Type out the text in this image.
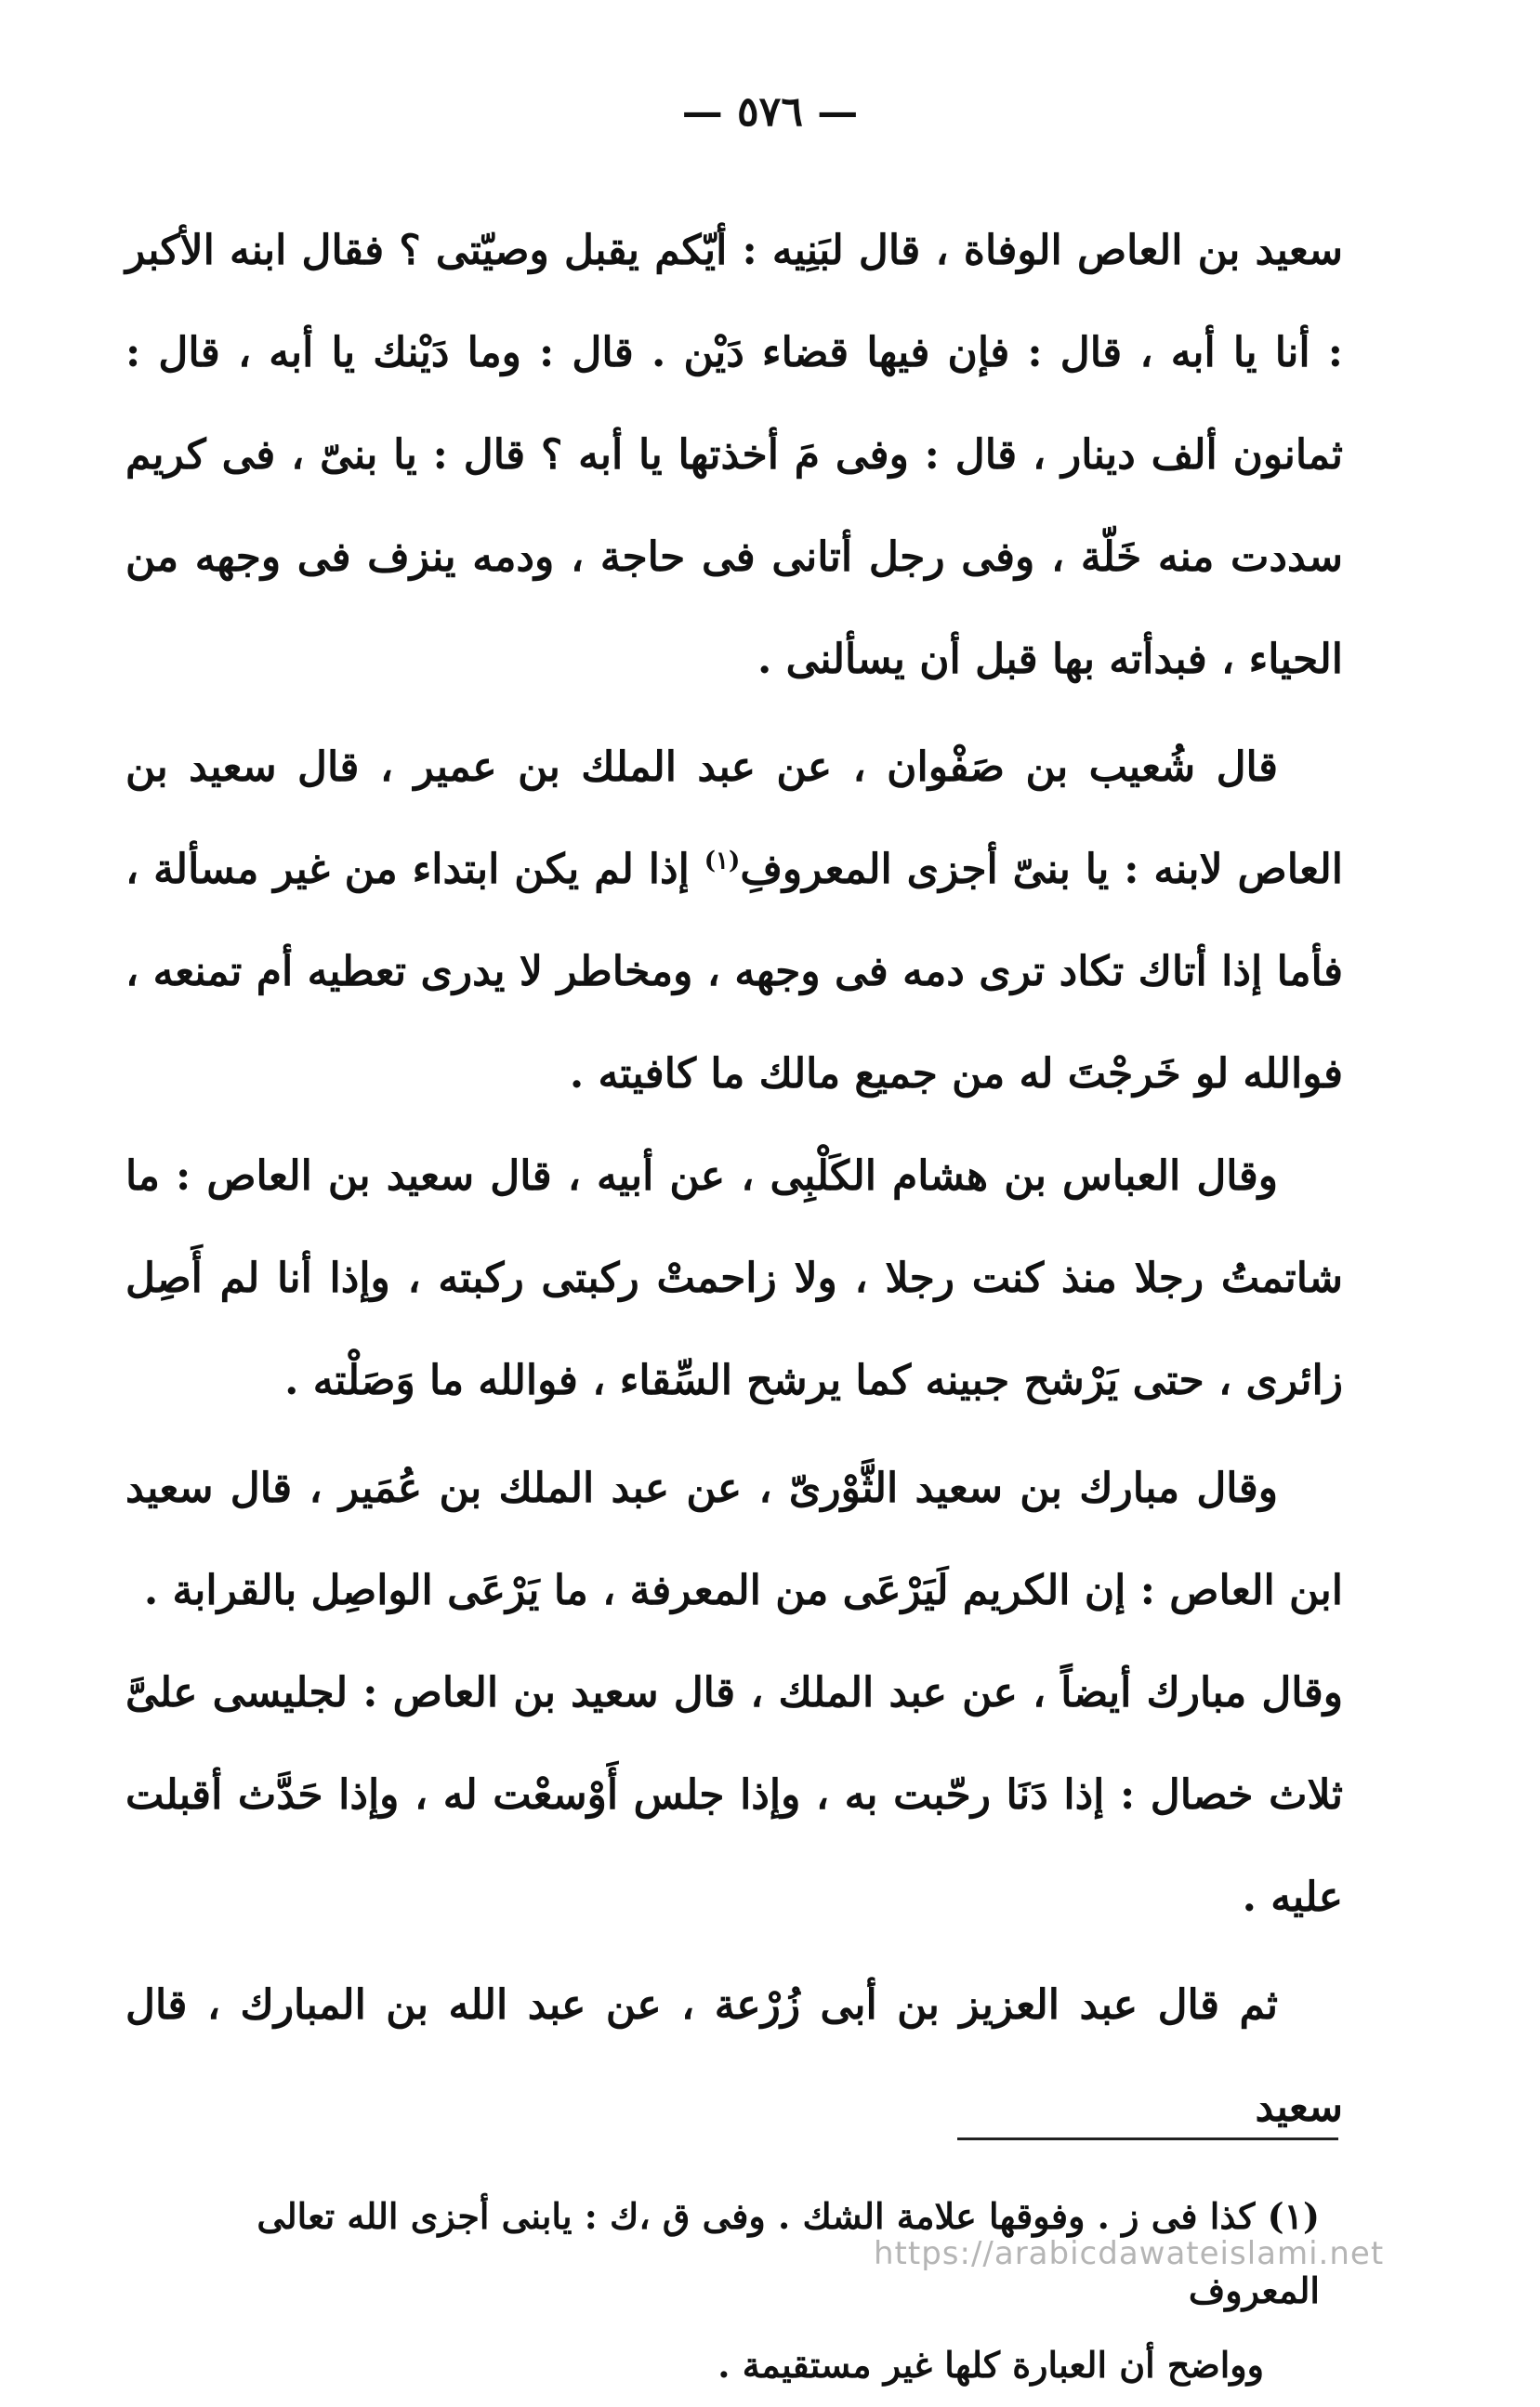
— ٥٧٦ —

سعيد بن العاص الوفاة ، قال لبَنِيه : أيّكم يقبل وصيّتى ؟ فقال ابنه الأكبر : أنا يا أبه ، قال : فإن فيها قضاء دَيْن . قال : وما دَيْنك يا أبه ، قال : ثمانون ألف دينار ، قال : وفى مَ أخذتها يا أبه ؟ قال : يا بنىّ ، فى كريم سددت منه خَلّة ، وفى رجل أتانى فى حاجة ، ودمه ينزف فى وجهه من الحياء ، فبدأته بها قبل أن يسألنى .

قال شُعيب بن صَفْوان ، عن عبد الملك بن عمير ، قال سعيد بن العاص لابنه : يا بنىّ أجزى المعروفِ$^{(١)}$ إذا لم يكن ابتداء من غير مسألة ، فأما إذا أتاك تكاد ترى دمه فى وجهه ، ومخاطر لا يدرى تعطيه أم تمنعه ، فوالله لو خَرجْتَ له من جميع مالك ما كافيته .

وقال العباس بن هشام الكَلْبِى ، عن أبيه ، قال سعيد بن العاص : ما شاتمتُ رجلا منذ كنت رجلا ، ولا زاحمتْ ركبتى ركبته ، وإذا أنا لم أَصِل زائرى ، حتى يَرْشح جبينه كما يرشح السِّقاء ، فوالله ما وَصَلْته .

وقال مبارك بن سعيد الثَّوْرىّ ، عن عبد الملك بن عُمَير ، قال سعيد ابن العاص : إن الكريم لَيَرْعَى من المعرفة ، ما يَرْعَى الواصِل بالقرابة .

وقال مبارك أيضاً ، عن عبد الملك ، قال سعيد بن العاص : لجليسى علىَّ ثلاث خصال : إذا دَنَا رحّبت به ، وإذا جلس أَوْسعْت له ، وإذا حَدَّث أقبلت عليه .

ثم قال عبد العزيز بن أبى زُرْعة ، عن عبد الله بن المبارك ، قال سعيد

(١) كذا فى ز . وفوقها علامة الشك . وفى ق ،ك : يابنى أجزى الله تعالى المعروف

وواضح أن العبارة كلها غير مستقيمة .

https://arabicdawateislami.net
